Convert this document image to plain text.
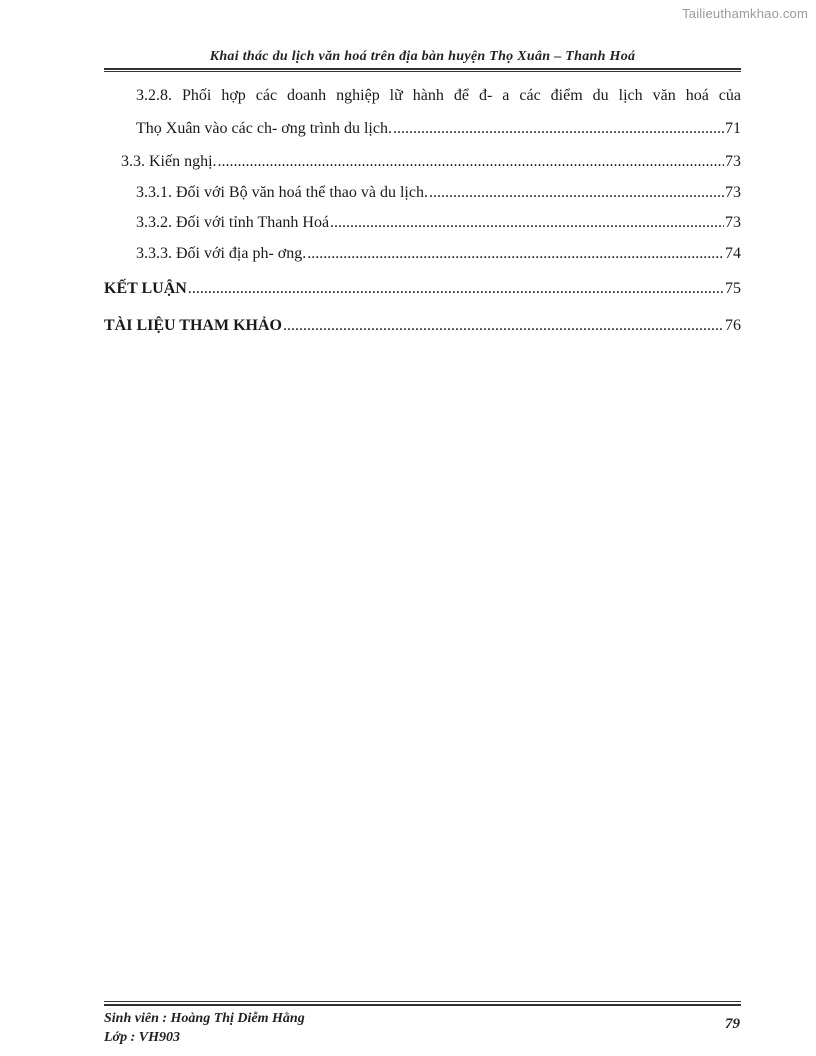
Tailieuthamkhao.com
Khai thác du lịch văn hoá trên địa bàn huyện Thọ Xuân – Thanh Hoá
3.2.8. Phối hợp các doanh nghiệp lữ hành để đ- a các điểm du lịch văn hoá của
Thọ Xuân vào các ch- ơng trình du lịch. .....	71
3.3. Kiến nghị. .....	73
3.3.1. Đối với Bộ văn hoá thể thao và du lịch. .....	73
3.3.2. Đối với tỉnh Thanh Hoá .....	73
3.3.3. Đối với địa ph- ơng. .....	74
KẾT LUẬN .....	75
TÀI LIỆU THAM KHẢO .....	76
Sinh viên : Hoàng Thị Diễm Hằng
Lớp : VH903
79
